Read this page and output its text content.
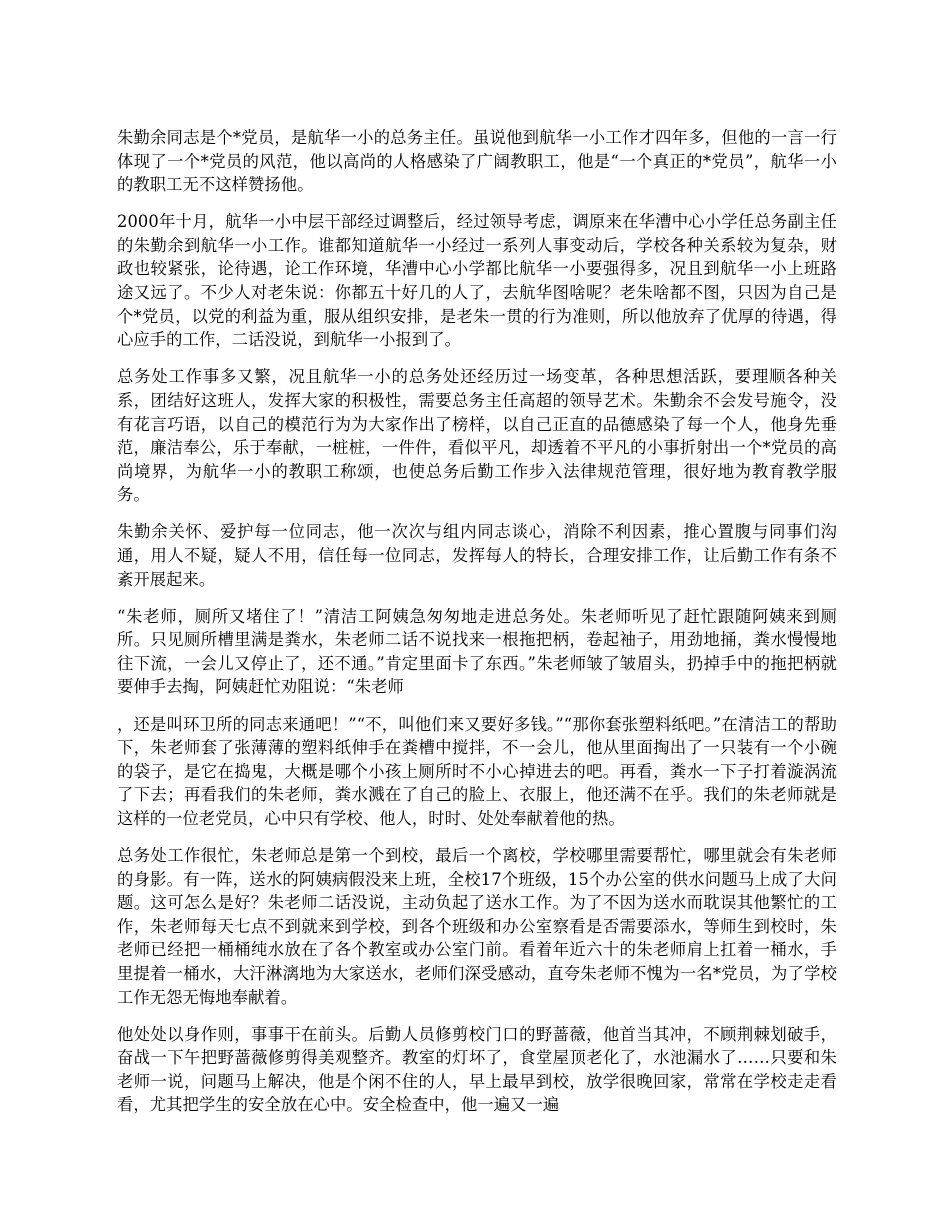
朱勤余同志是个*党员，是航华一小的总务主任。虽说他到航华一小工作才四年多，但他的一言一行体现了一个*党员的风范，他以高尚的人格感染了广阔教职工，他是“一个真正的*党员”，航华一小的教职工无不这样赞扬他。

2000年十月，航华一小中层干部经过调整后，经过领导考虑，调原来在华漕中心小学任总务副主任的朱勤余到航华一小工作。谁都知道航华一小经过一系列人事变动后，学校各种关系较为复杂，财政也较紧张，论待遇，论工作环境，华漕中心小学都比航华一小要强得多，况且到航华一小上班路途又远了。不少人对老朱说：你都五十好几的人了，去航华图啥呢？老朱啥都不图，只因为自己是个*党员，以党的利益为重，服从组织安排，是老朱一贯的行为准则，所以他放弃了优厚的待遇，得心应手的工作，二话没说，到航华一小报到了。

总务处工作事多又繁，况且航华一小的总务处还经历过一场变革，各种思想活跃，要理顺各种关系，团结好这班人，发挥大家的积极性，需要总务主任高超的领导艺术。朱勤余不会发号施令，没有花言巧语，以自己的模范行为为大家作出了榜样，以自己正直的品德感染了每一个人，他身先垂范，廉洁奉公，乐于奉献，一桩桩，一件件，看似平凡，却透着不平凡的小事折射出一个*党员的高尚境界，为航华一小的教职工称颂，也使总务后勤工作步入法律规范管理，很好地为教育教学服务。

朱勤余关怀、爱护每一位同志，他一次次与组内同志谈心，消除不利因素，推心置腹与同事们沟通，用人不疑，疑人不用，信任每一位同志，发挥每人的特长，合理安排工作，让后勤工作有条不紊开展起来。

“朱老师，厕所又堵住了！”清洁工阿姨急匆匆地走进总务处。朱老师听见了赶忙跟随阿姨来到厕所。只见厕所槽里满是粪水，朱老师二话不说找来一根拖把柄，卷起袖子，用劲地捅，粪水慢慢地往下流，一会儿又停止了，还不通。”肯定里面卡了东西。”朱老师皱了皱眉头，扔掉手中的拖把柄就要伸手去掏，阿姨赶忙劝阻说：“朱老师

，还是叫环卫所的同志来通吧！”“不，叫他们来又要好多钱。”“那你套张塑料纸吧。”在清洁工的帮助下，朱老师套了张薄薄的塑料纸伸手在粪槽中搅拌，不一会儿，他从里面掏出了一只装有一个小碗的袋子，是它在捣鬼，大概是哪个小孩上厕所时不小心掉进去的吧。再看，粪水一下子打着漩涡流了下去；再看我们的朱老师，粪水溅在了自己的脸上、衣服上，他还满不在乎。我们的朱老师就是这样的一位老党员，心中只有学校、他人，时时、处处奉献着他的热。

总务处工作很忙，朱老师总是第一个到校，最后一个离校，学校哪里需要帮忙，哪里就会有朱老师的身影。有一阵，送水的阿姨病假没来上班，全校17个班级，15个办公室的供水问题马上成了大问题。这可怎么是好？朱老师二话没说，主动负起了送水工作。为了不因为送水而耽误其他繁忙的工作，朱老师每天七点不到就来到学校，到各个班级和办公室察看是否需要添水，等师生到校时，朱老师已经把一桶桶纯水放在了各个教室或办公室门前。看着年近六十的朱老师肩上扛着一桶水，手里提着一桶水，大汗淋漓地为大家送水，老师们深受感动，直夸朱老师不愧为一名*党员，为了学校工作无怨无悔地奉献着。

他处处以身作则，事事干在前头。后勤人员修剪校门口的野蔷薇，他首当其冲，不顾荆棘划破手，奋战一下午把野蔷薇修剪得美观整齐。教室的灯坏了，食堂屋顶老化了，水池漏水了……只要和朱老师一说，问题马上解决，他是个闲不住的人，早上最早到校，放学很晚回家，常常在学校走走看看，尤其把学生的安全放在心中。安全检查中，他一遍又一遍
